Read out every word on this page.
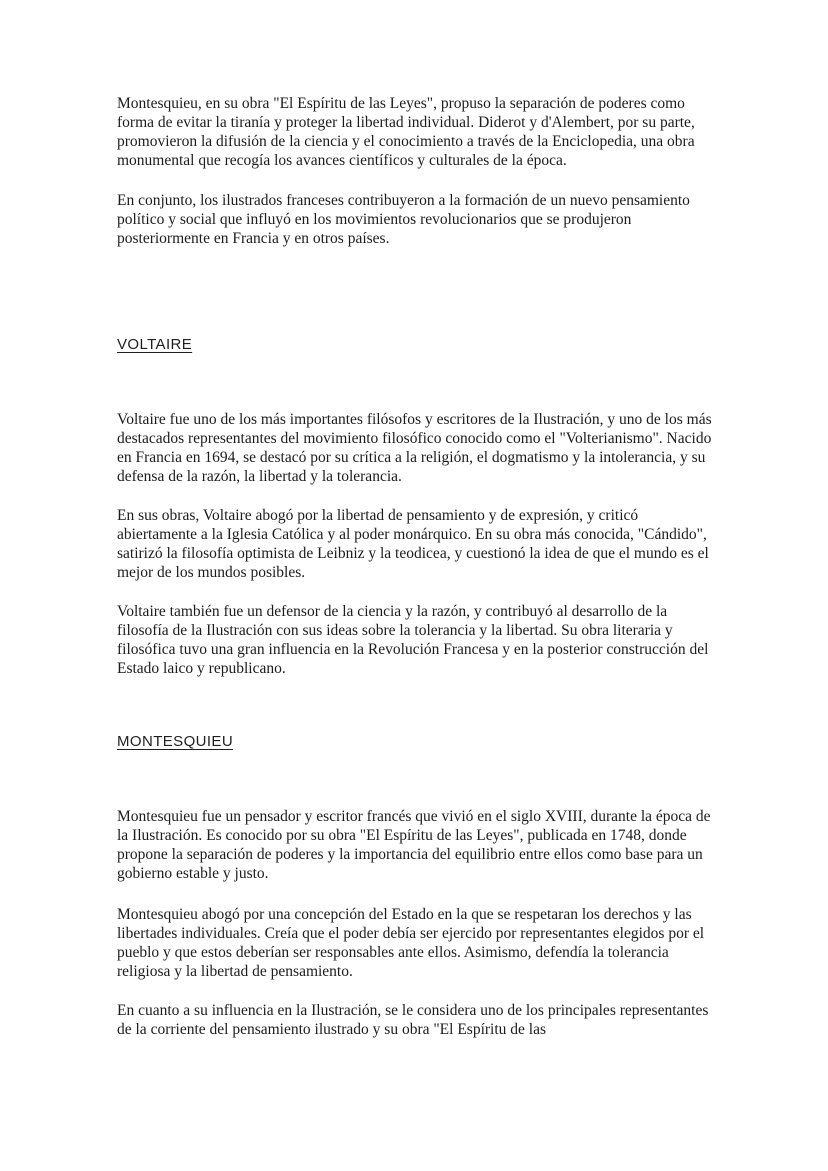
Montesquieu, en su obra "El Espíritu de las Leyes", propuso la separación de poderes como forma de evitar la tiranía y proteger la libertad individual. Diderot y d'Alembert, por su parte, promovieron la difusión de la ciencia y el conocimiento a través de la Enciclopedia, una obra monumental que recogía los avances científicos y culturales de la época.

En conjunto, los ilustrados franceses contribuyeron a la formación de un nuevo pensamiento político y social que influyó en los movimientos revolucionarios que se produjeron posteriormente en Francia y en otros países.

VOLTAIRE

Voltaire fue uno de los más importantes filósofos y escritores de la Ilustración, y uno de los más destacados representantes del movimiento filosófico conocido como el "Volterianismo". Nacido en Francia en 1694, se destacó por su crítica a la religión, el dogmatismo y la intolerancia, y su defensa de la razón, la libertad y la tolerancia.

En sus obras, Voltaire abogó por la libertad de pensamiento y de expresión, y criticó abiertamente a la Iglesia Católica y al poder monárquico. En su obra más conocida, "Cándido", satirizó la filosofía optimista de Leibniz y la teodicea, y cuestionó la idea de que el mundo es el mejor de los mundos posibles.

Voltaire también fue un defensor de la ciencia y la razón, y contribuyó al desarrollo de la filosofía de la Ilustración con sus ideas sobre la tolerancia y la libertad. Su obra literaria y filosófica tuvo una gran influencia en la Revolución Francesa y en la posterior construcción del Estado laico y republicano.

MONTESQUIEU

Montesquieu fue un pensador y escritor francés que vivió en el siglo XVIII, durante la época de la Ilustración. Es conocido por su obra "El Espíritu de las Leyes", publicada en 1748, donde propone la separación de poderes y la importancia del equilibrio entre ellos como base para un gobierno estable y justo.

Montesquieu abogó por una concepción del Estado en la que se respetaran los derechos y las libertades individuales. Creía que el poder debía ser ejercido por representantes elegidos por el pueblo y que estos deberían ser responsables ante ellos. Asimismo, defendía la tolerancia religiosa y la libertad de pensamiento.

En cuanto a su influencia en la Ilustración, se le considera uno de los principales representantes de la corriente del pensamiento ilustrado y su obra "El Espíritu de las
